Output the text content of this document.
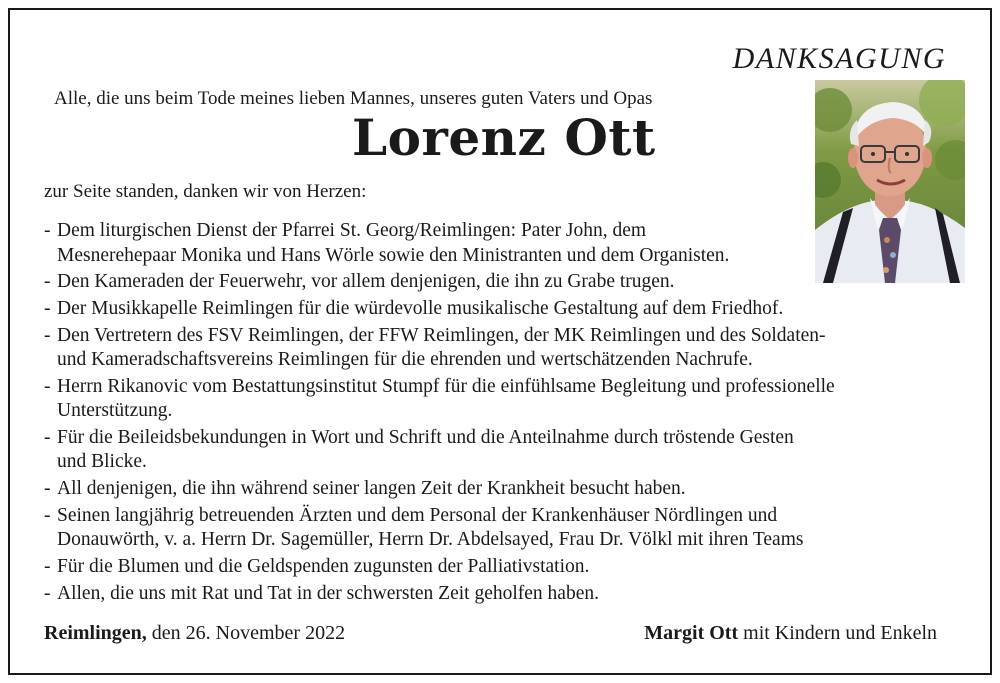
DANKSAGUNG
Alle, die uns beim Tode meines lieben Mannes, unseres guten Vaters und Opas
Lorenz Ott
zur Seite standen, danken wir von Herzen:
- Dem liturgischen Dienst der Pfarrei St. Georg/Reimlingen: Pater John, dem
Mesnerehepaar Monika und Hans Wörle sowie den Ministranten und dem Organisten.
- Den Kameraden der Feuerwehr, vor allem denjenigen, die ihn zu Grabe trugen.
- Der Musikkapelle Reimlingen für die würdevolle musikalische Gestaltung auf dem Friedhof.
- Den Vertretern des FSV Reimlingen, der FFW Reimlingen, der MK Reimlingen und des Soldaten-
und Kameradschaftsvereins Reimlingen für die ehrenden und wertschätzenden Nachrufe.
- Herrn Rikanovic vom Bestattungsinstitut Stumpf für die einfühlsame Begleitung und professionelle
Unterstützung.
- Für die Beileidsbekundungen in Wort und Schrift und die Anteilnahme durch tröstende Gesten
und Blicke.
- All denjenigen, die ihn während seiner langen Zeit der Krankheit besucht haben.
- Seinen langjährig betreuenden Ärzten und dem Personal der Krankenhäuser Nördlingen und
Donauwörth, v. a. Herrn Dr. Sagemüller, Herrn Dr. Abdelsayed, Frau Dr. Völkl mit ihren Teams
- Für die Blumen und die Geldspenden zugunsten der Palliativstation.
- Allen, die uns mit Rat und Tat in der schwersten Zeit geholfen haben.
Reimlingen, den 26. November 2022	Margit Ott mit Kindern und Enkeln
